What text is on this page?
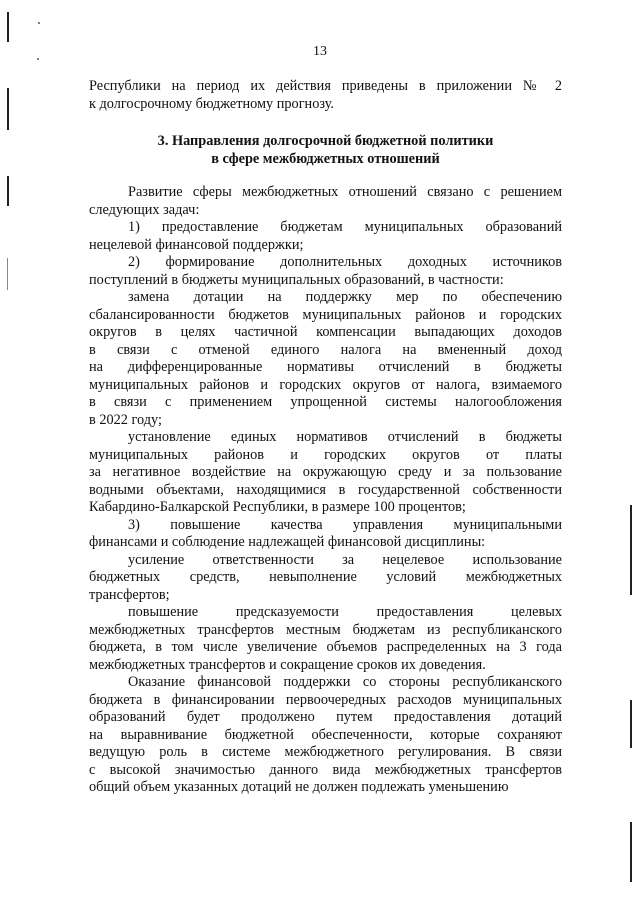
13
Республики на период их действия приведены в приложении № 2
к долгосрочному бюджетному прогнозу.
3. Направления долгосрочной бюджетной политики
в сфере межбюджетных отношений
Развитие сферы межбюджетных отношений связано с решением
следующих задач:
1) предоставление бюджетам муниципальных образований
нецелевой финансовой поддержки;
2) формирование дополнительных доходных источников
поступлений в бюджеты муниципальных образований, в частности:
замена дотации на поддержку мер по обеспечению
сбалансированности бюджетов муниципальных районов и городских
округов в целях частичной компенсации выпадающих доходов
в связи с отменой единого налога на вмененный доход
на дифференцированные нормативы отчислений в бюджеты
муниципальных районов и городских округов от налога, взимаемого
в связи с применением упрощенной системы налогообложения
в 2022 году;
установление единых нормативов отчислений в бюджеты
муниципальных районов и городских округов от платы
за негативное воздействие на окружающую среду и за пользование
водными объектами, находящимися в государственной собственности
Кабардино-Балкарской Республики, в размере 100 процентов;
3) повышение качества управления муниципальными
финансами и соблюдение надлежащей финансовой дисциплины:
усиление ответственности за нецелевое использование
бюджетных средств, невыполнение условий межбюджетных
трансфертов;
повышение предсказуемости предоставления целевых
межбюджетных трансфертов местным бюджетам из республиканского
бюджета, в том числе увеличение объемов распределенных на 3 года
межбюджетных трансфертов и сокращение сроков их доведения.
Оказание финансовой поддержки со стороны республиканского
бюджета в финансировании первоочередных расходов муниципальных
образований будет продолжено путем предоставления дотаций
на выравнивание бюджетной обеспеченности, которые сохраняют
ведущую роль в системе межбюджетного регулирования. В связи
с высокой значимостью данного вида межбюджетных трансфертов
общий объем указанных дотаций не должен подлежать уменьшению
